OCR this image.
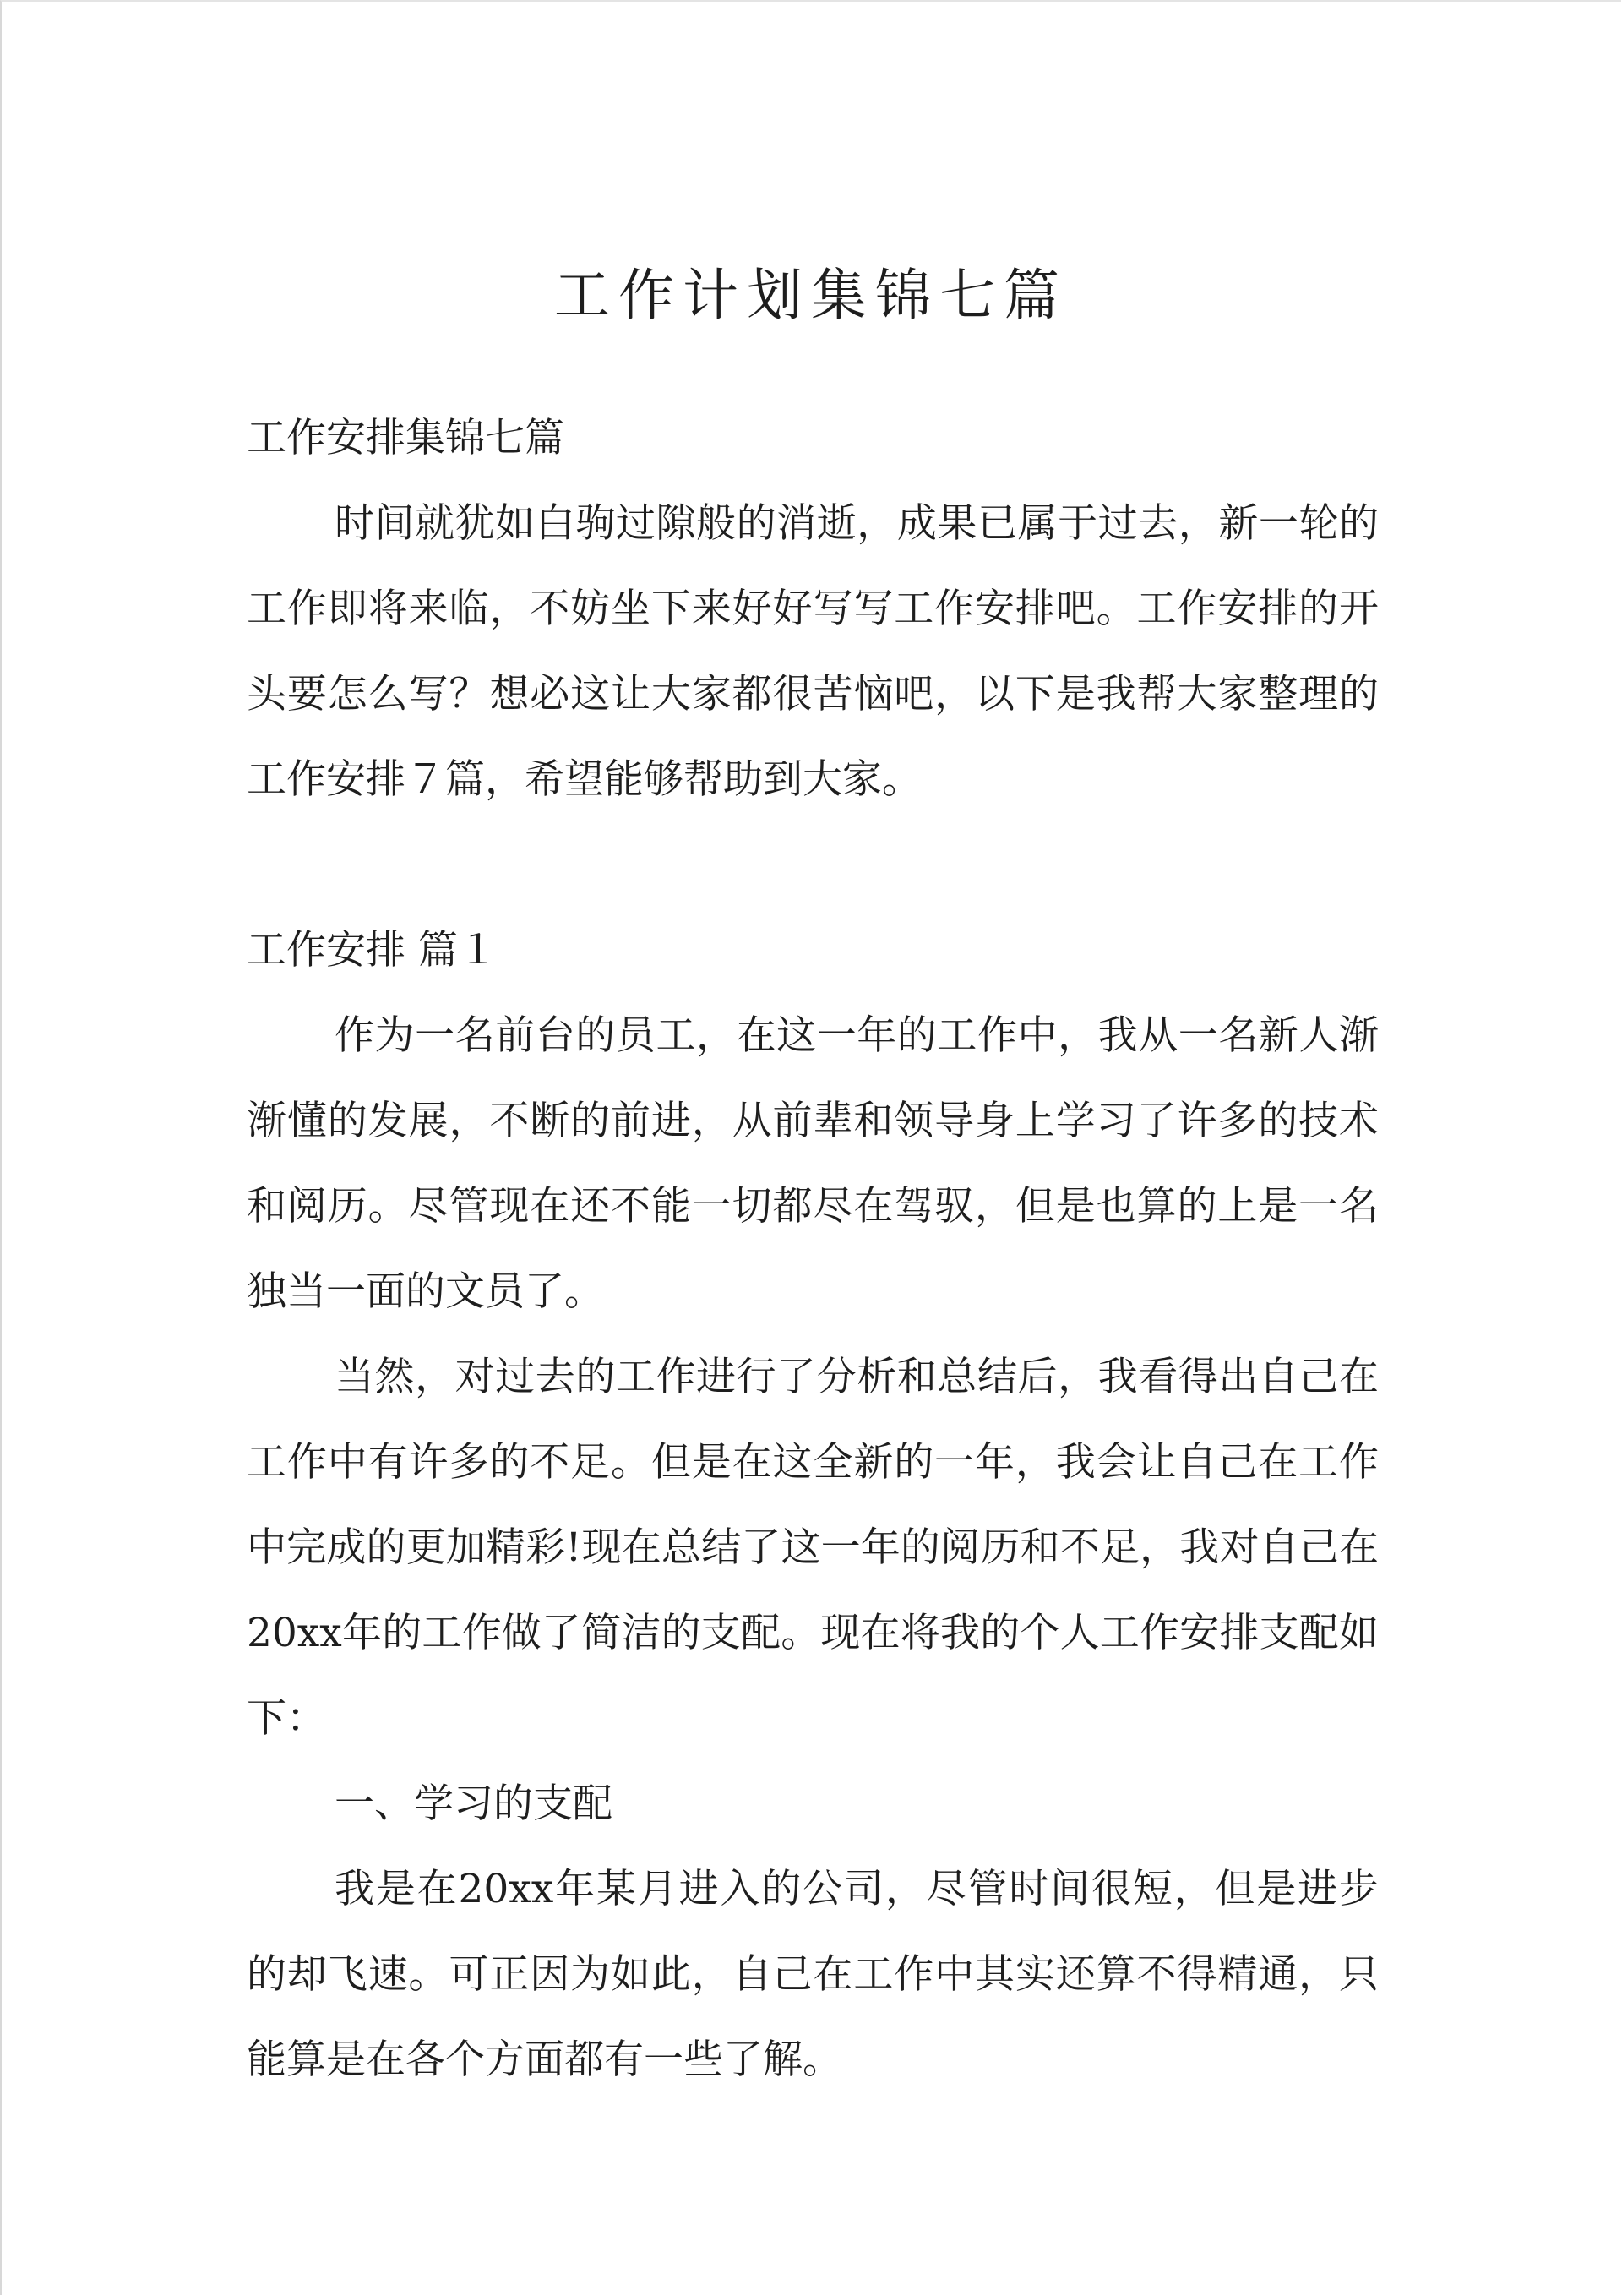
工作计划集锦七篇

工作安排集锦七篇

时间就犹如白驹过隙般的消逝，成果已属于过去，新一轮的工作即将来临，不妨坐下来好好写写工作安排吧。工作安排的开头要怎么写？想必这让大家都很苦恼吧，以下是我帮大家整理的工作安排７篇，希望能够帮助到大家。

工作安排 篇１

作为一名前台的员工，在这一年的工作中，我从一名新人渐渐懂的发展，不断的前进，从前辈和领导身上学习了许多的技术和阅历。尽管现在还不能一切都尽在驾驭，但是也算的上是一名独当一面的文员了。

当然，对过去的工作进行了分析和总结后，我看得出自己在工作中有许多的不足。但是在这全新的一年，我会让自己在工作中完成的更加精彩!现在总结了这一年的阅历和不足，我对自己在20xx年的工作做了简洁的支配。现在将我的个人工作安排支配如下：

一、学习的支配

我是在20xx年某月进入的公司，尽管时间很短，但是进步的却飞速。可正因为如此，自己在工作中其实还算不得精通，只能算是在各个方面都有一些了解。
